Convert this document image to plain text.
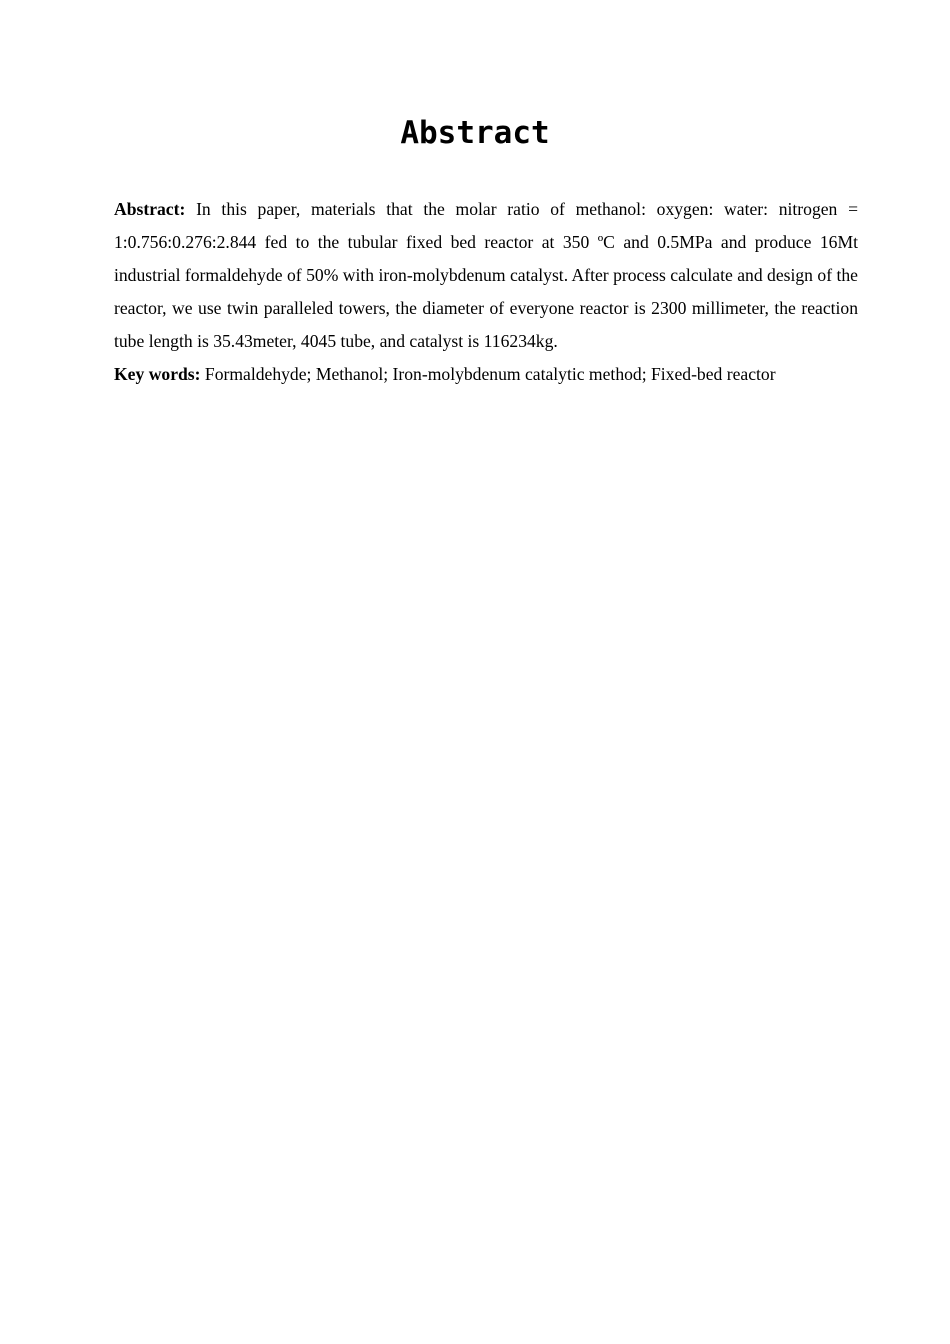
Abstract

Abstract: In this paper, materials that the molar ratio of methanol: oxygen: water: nitrogen = 1:0.756:0.276:2.844 fed to the tubular fixed bed reactor at 350 ºC and 0.5MPa and produce 16Mt industrial formaldehyde of 50% with iron-molybdenum catalyst. After process calculate and design of the reactor, we use twin paralleled towers, the diameter of everyone reactor is 2300 millimeter, the reaction tube length is 35.43meter, 4045 tube, and catalyst is 116234kg.

Key words: Formaldehyde; Methanol; Iron-molybdenum catalytic method; Fixed-bed reactor
